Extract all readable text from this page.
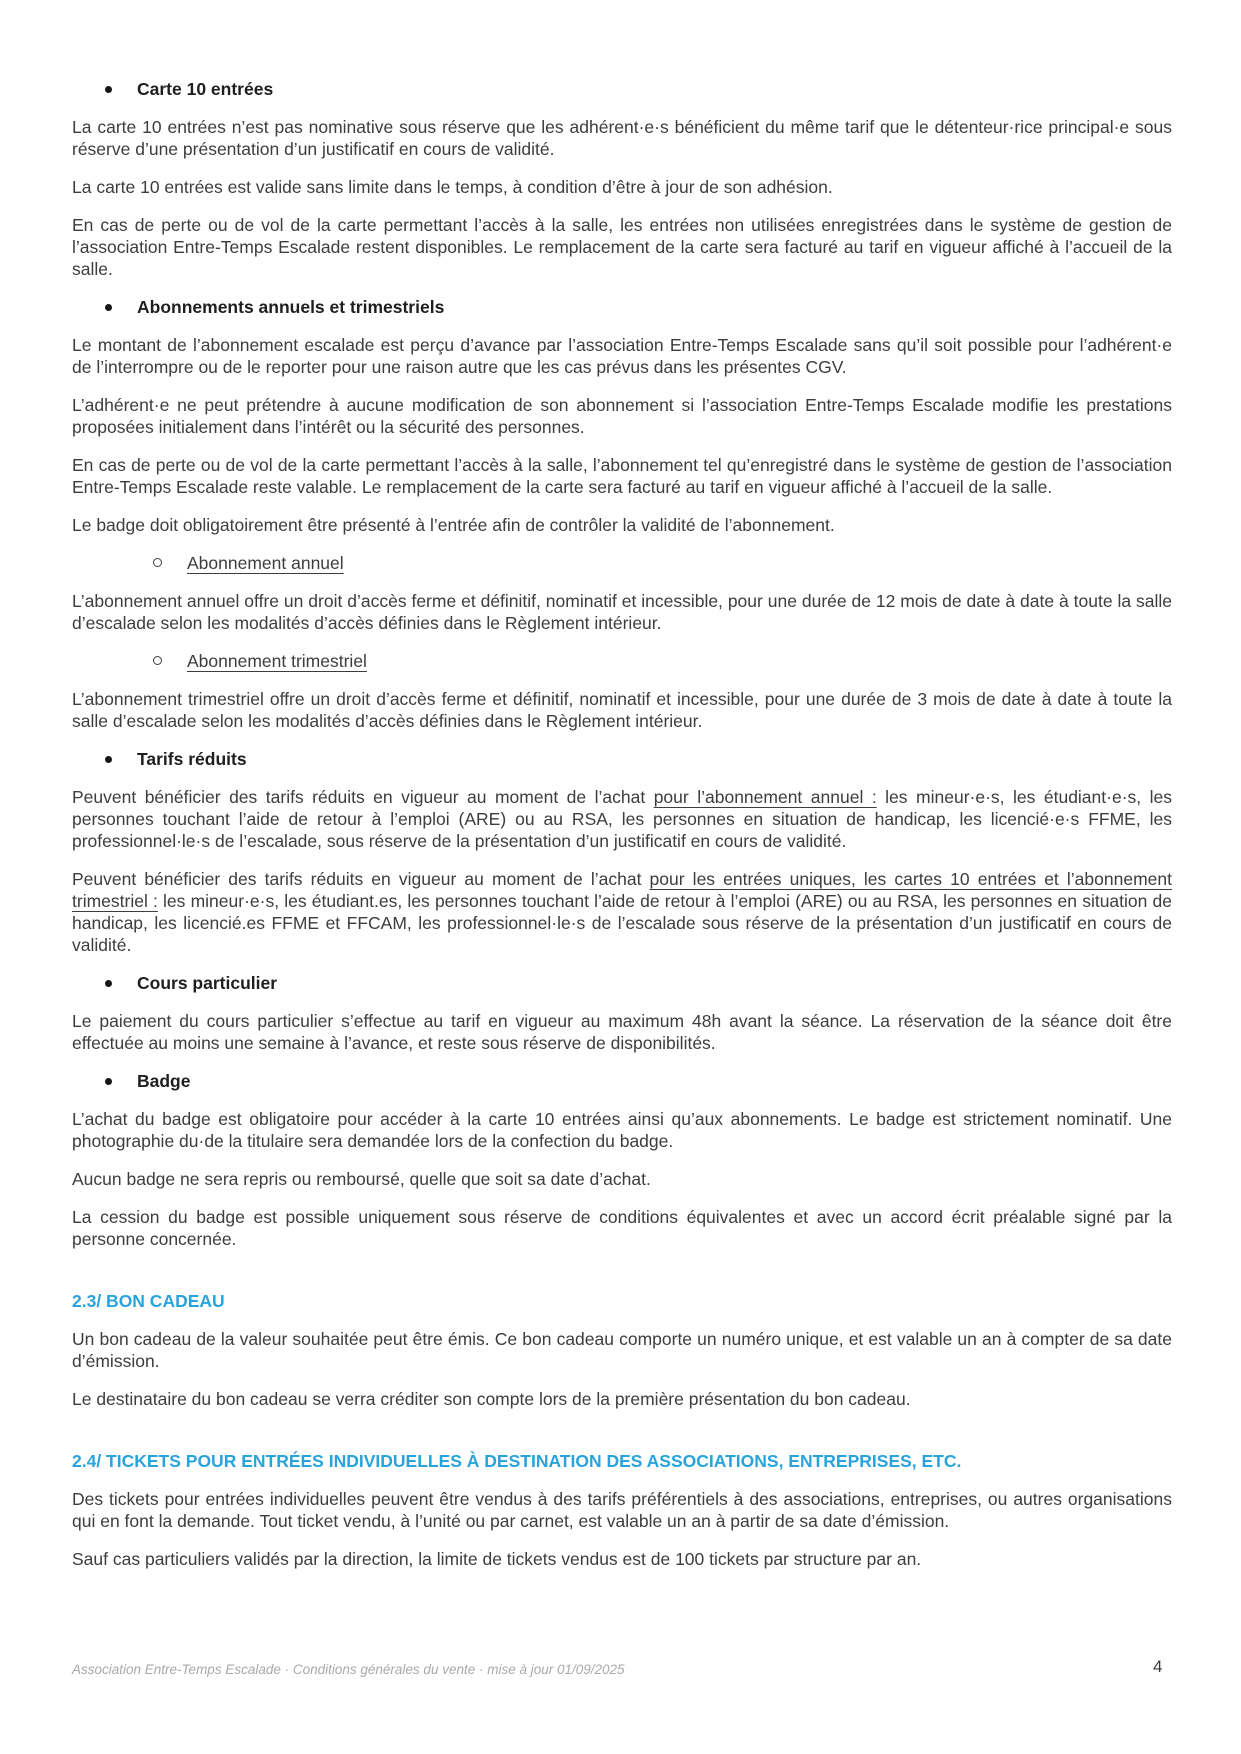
Carte 10 entrées

La carte 10 entrées n’est pas nominative sous réserve que les adhérent·e·s bénéficient du même tarif que le détenteur·rice principal·e sous réserve d’une présentation d’un justificatif en cours de validité.

La carte 10 entrées est valide sans limite dans le temps, à condition d’être à jour de son adhésion.

En cas de perte ou de vol de la carte permettant l’accès à la salle, les entrées non utilisées enregistrées dans le système de gestion de l’association Entre-Temps Escalade restent disponibles. Le remplacement de la carte sera facturé au tarif en vigueur affiché à l’accueil de la salle.

Abonnements annuels et trimestriels

Le montant de l’abonnement escalade est perçu d’avance par l’association Entre-Temps Escalade sans qu’il soit possible pour l’adhérent·e de l’interrompre ou de le reporter pour une raison autre que les cas prévus dans les présentes CGV.

L’adhérent·e ne peut prétendre à aucune modification de son abonnement si l’association Entre-Temps Escalade modifie les prestations proposées initialement dans l’intérêt ou la sécurité des personnes.

En cas de perte ou de vol de la carte permettant l’accès à la salle, l’abonnement tel qu’enregistré dans le système de gestion de l’association Entre-Temps Escalade reste valable. Le remplacement de la carte sera facturé au tarif en vigueur affiché à l’accueil de la salle.

Le badge doit obligatoirement être présenté à l’entrée afin de contrôler la validité de l’abonnement.

Abonnement annuel

L’abonnement annuel offre un droit d’accès ferme et définitif, nominatif et incessible, pour une durée de 12 mois de date à date à toute la salle d’escalade selon les modalités d’accès définies dans le Règlement intérieur.

Abonnement trimestriel

L’abonnement trimestriel offre un droit d’accès ferme et définitif, nominatif et incessible, pour une durée de 3 mois de date à date à toute la salle d’escalade selon les modalités d’accès définies dans le Règlement intérieur.

Tarifs réduits

Peuvent bénéficier des tarifs réduits en vigueur au moment de l’achat pour l’abonnement annuel : les mineur·e·s, les étudiant·e·s, les personnes touchant l’aide de retour à l’emploi (ARE) ou au RSA, les personnes en situation de handicap, les licencié·e·s FFME, les professionnel·le·s de l’escalade, sous réserve de la présentation d’un justificatif en cours de validité.

Peuvent bénéficier des tarifs réduits en vigueur au moment de l’achat pour les entrées uniques, les cartes 10 entrées et l’abonnement trimestriel : les mineur·e·s, les étudiant.es, les personnes touchant l’aide de retour à l’emploi (ARE) ou au RSA, les personnes en situation de handicap, les licencié.es FFME et FFCAM, les professionnel·le·s de l’escalade sous réserve de la présentation d’un justificatif en cours de validité.

Cours particulier

Le paiement du cours particulier s’effectue au tarif en vigueur au maximum 48h avant la séance. La réservation de la séance doit être effectuée au moins une semaine à l’avance, et reste sous réserve de disponibilités.

Badge

L’achat du badge est obligatoire pour accéder à la carte 10 entrées ainsi qu’aux abonnements. Le badge est strictement nominatif. Une photographie du·de la titulaire sera demandée lors de la confection du badge.

Aucun badge ne sera repris ou remboursé, quelle que soit sa date d’achat.

La cession du badge est possible uniquement sous réserve de conditions équivalentes et avec un accord écrit préalable signé par la personne concernée.

2.3/ BON CADEAU

Un bon cadeau de la valeur souhaitée peut être émis. Ce bon cadeau comporte un numéro unique, et est valable un an à compter de sa date d’émission.

Le destinataire du bon cadeau se verra créditer son compte lors de la première présentation du bon cadeau.

2.4/ TICKETS POUR ENTRÉES INDIVIDUELLES À DESTINATION DES ASSOCIATIONS, ENTREPRISES, ETC.

Des tickets pour entrées individuelles peuvent être vendus à des tarifs préférentiels à des associations, entreprises, ou autres organisations qui en font la demande. Tout ticket vendu, à l’unité ou par carnet, est valable un an à partir de sa date d’émission.

Sauf cas particuliers validés par la direction, la limite de tickets vendus est de 100 tickets par structure par an.

Association Entre-Temps Escalade · Conditions générales du vente · mise à jour 01/09/2025	4
